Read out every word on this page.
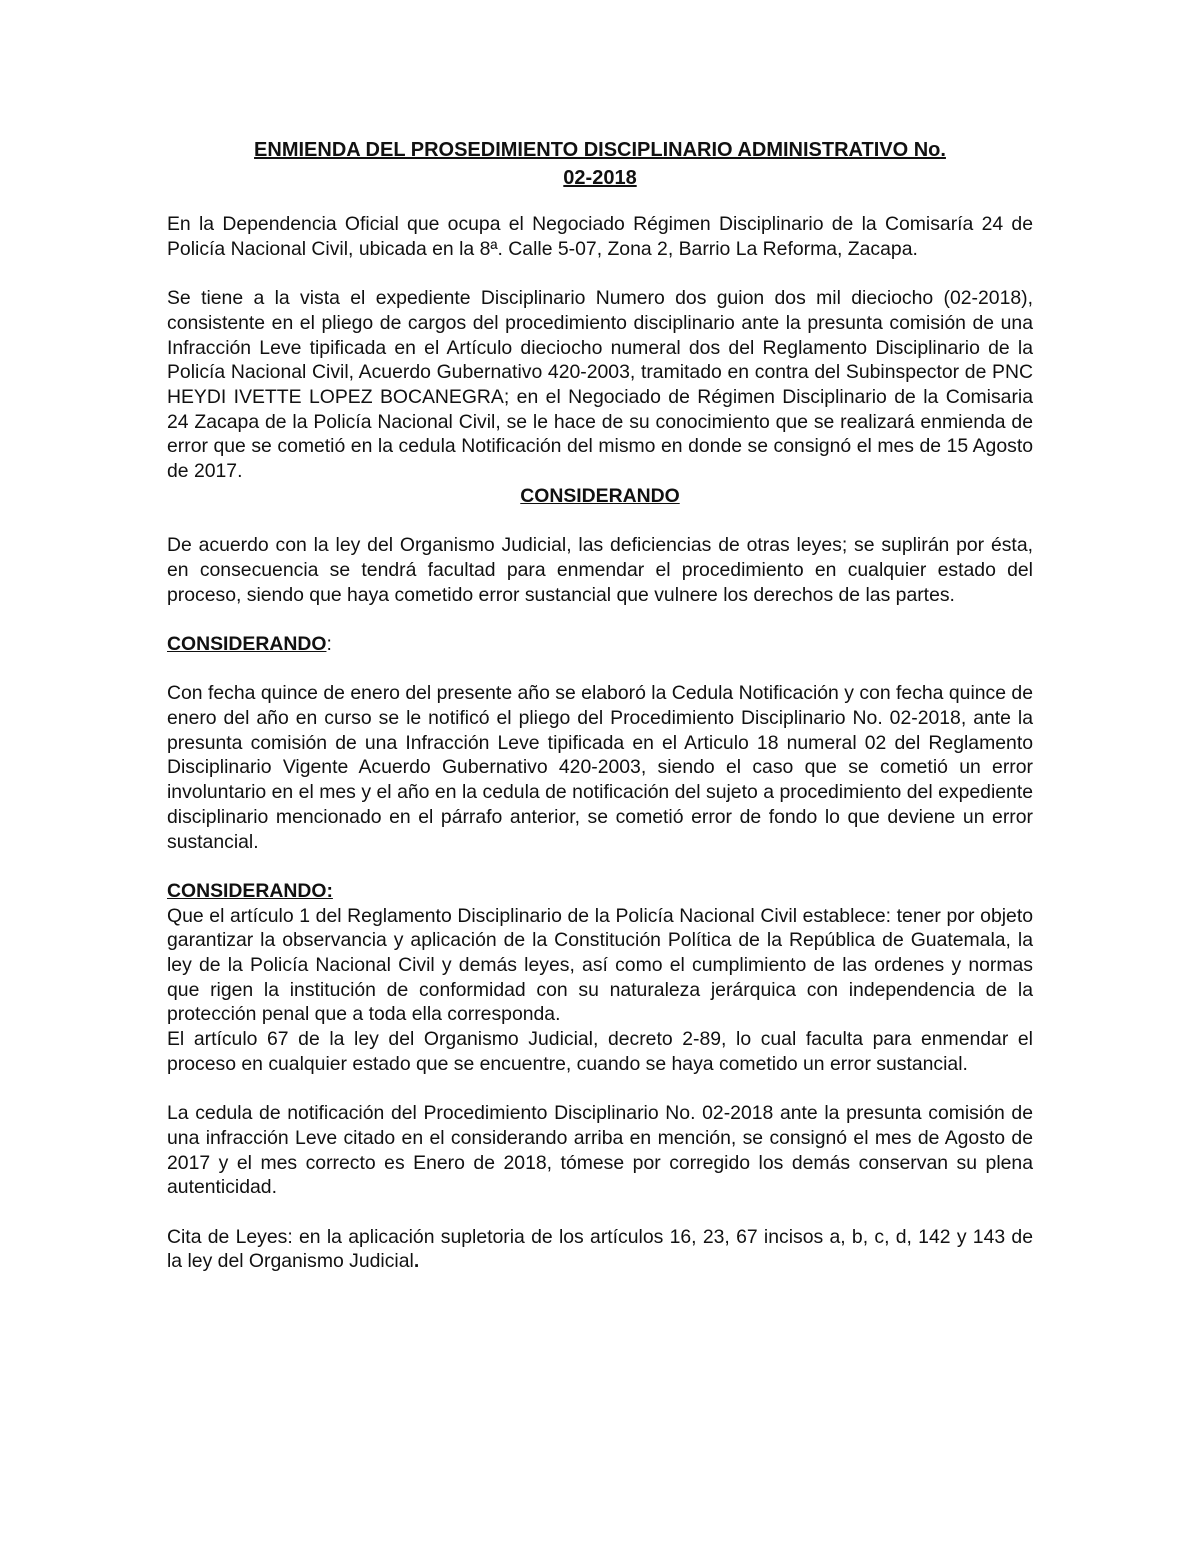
ENMIENDA DEL PROSEDIMIENTO DISCIPLINARIO ADMINISTRATIVO No.
02-2018

En la Dependencia Oficial que ocupa el Negociado Régimen Disciplinario de la Comisaría 24 de Policía Nacional Civil, ubicada en la 8ª. Calle 5-07, Zona 2, Barrio La Reforma, Zacapa.

Se tiene a la vista el expediente Disciplinario Numero dos guion dos mil dieciocho (02-2018), consistente en el pliego de cargos del procedimiento disciplinario ante la presunta comisión de una Infracción Leve tipificada en el Artículo dieciocho numeral dos del Reglamento Disciplinario de la Policía Nacional Civil, Acuerdo Gubernativo 420-2003, tramitado en contra del Subinspector de PNC HEYDI IVETTE LOPEZ BOCANEGRA; en el Negociado de Régimen Disciplinario de la Comisaria 24 Zacapa de la Policía Nacional Civil, se le hace de su conocimiento que se realizará enmienda de error que se cometió en la cedula Notificación del mismo en donde se consignó el mes de 15 Agosto de 2017.

CONSIDERANDO

De acuerdo con la ley del Organismo Judicial, las deficiencias de otras leyes; se suplirán por ésta, en consecuencia se tendrá facultad para enmendar el procedimiento en cualquier estado del proceso, siendo que haya cometido error sustancial que vulnere los derechos de las partes.

CONSIDERANDO:

Con fecha quince de enero del presente año se elaboró la Cedula Notificación y con fecha quince de enero del año en curso se le notificó el pliego del Procedimiento Disciplinario No. 02-2018, ante la presunta comisión de una Infracción Leve tipificada en el Articulo 18 numeral 02 del Reglamento Disciplinario Vigente Acuerdo Gubernativo 420-2003, siendo el caso que se cometió un error involuntario en el mes y el año en la cedula de notificación del sujeto a procedimiento del expediente disciplinario mencionado en el párrafo anterior, se cometió error de fondo lo que deviene un error sustancial.

CONSIDERANDO:

Que el artículo 1 del Reglamento Disciplinario de la Policía Nacional Civil establece: tener por objeto garantizar la observancia y aplicación de la Constitución Política de la República de Guatemala, la ley de la Policía Nacional Civil y demás leyes, así como el cumplimiento de las ordenes y normas que rigen la institución de conformidad con su naturaleza jerárquica con independencia de la protección penal que a toda ella corresponda.

El artículo 67 de la ley del Organismo Judicial, decreto 2-89, lo cual faculta para enmendar el proceso en cualquier estado que se encuentre, cuando se haya cometido un error sustancial.

La cedula de notificación del Procedimiento Disciplinario No. 02-2018 ante la presunta comisión de una infracción Leve citado en el considerando arriba en mención, se consignó el mes de Agosto de 2017 y el mes correcto es Enero de 2018, tómese por corregido los demás conservan su plena autenticidad.

Cita de Leyes: en la aplicación supletoria de los artículos 16, 23, 67 incisos a, b, c, d, 142 y 143 de la ley del Organismo Judicial.
